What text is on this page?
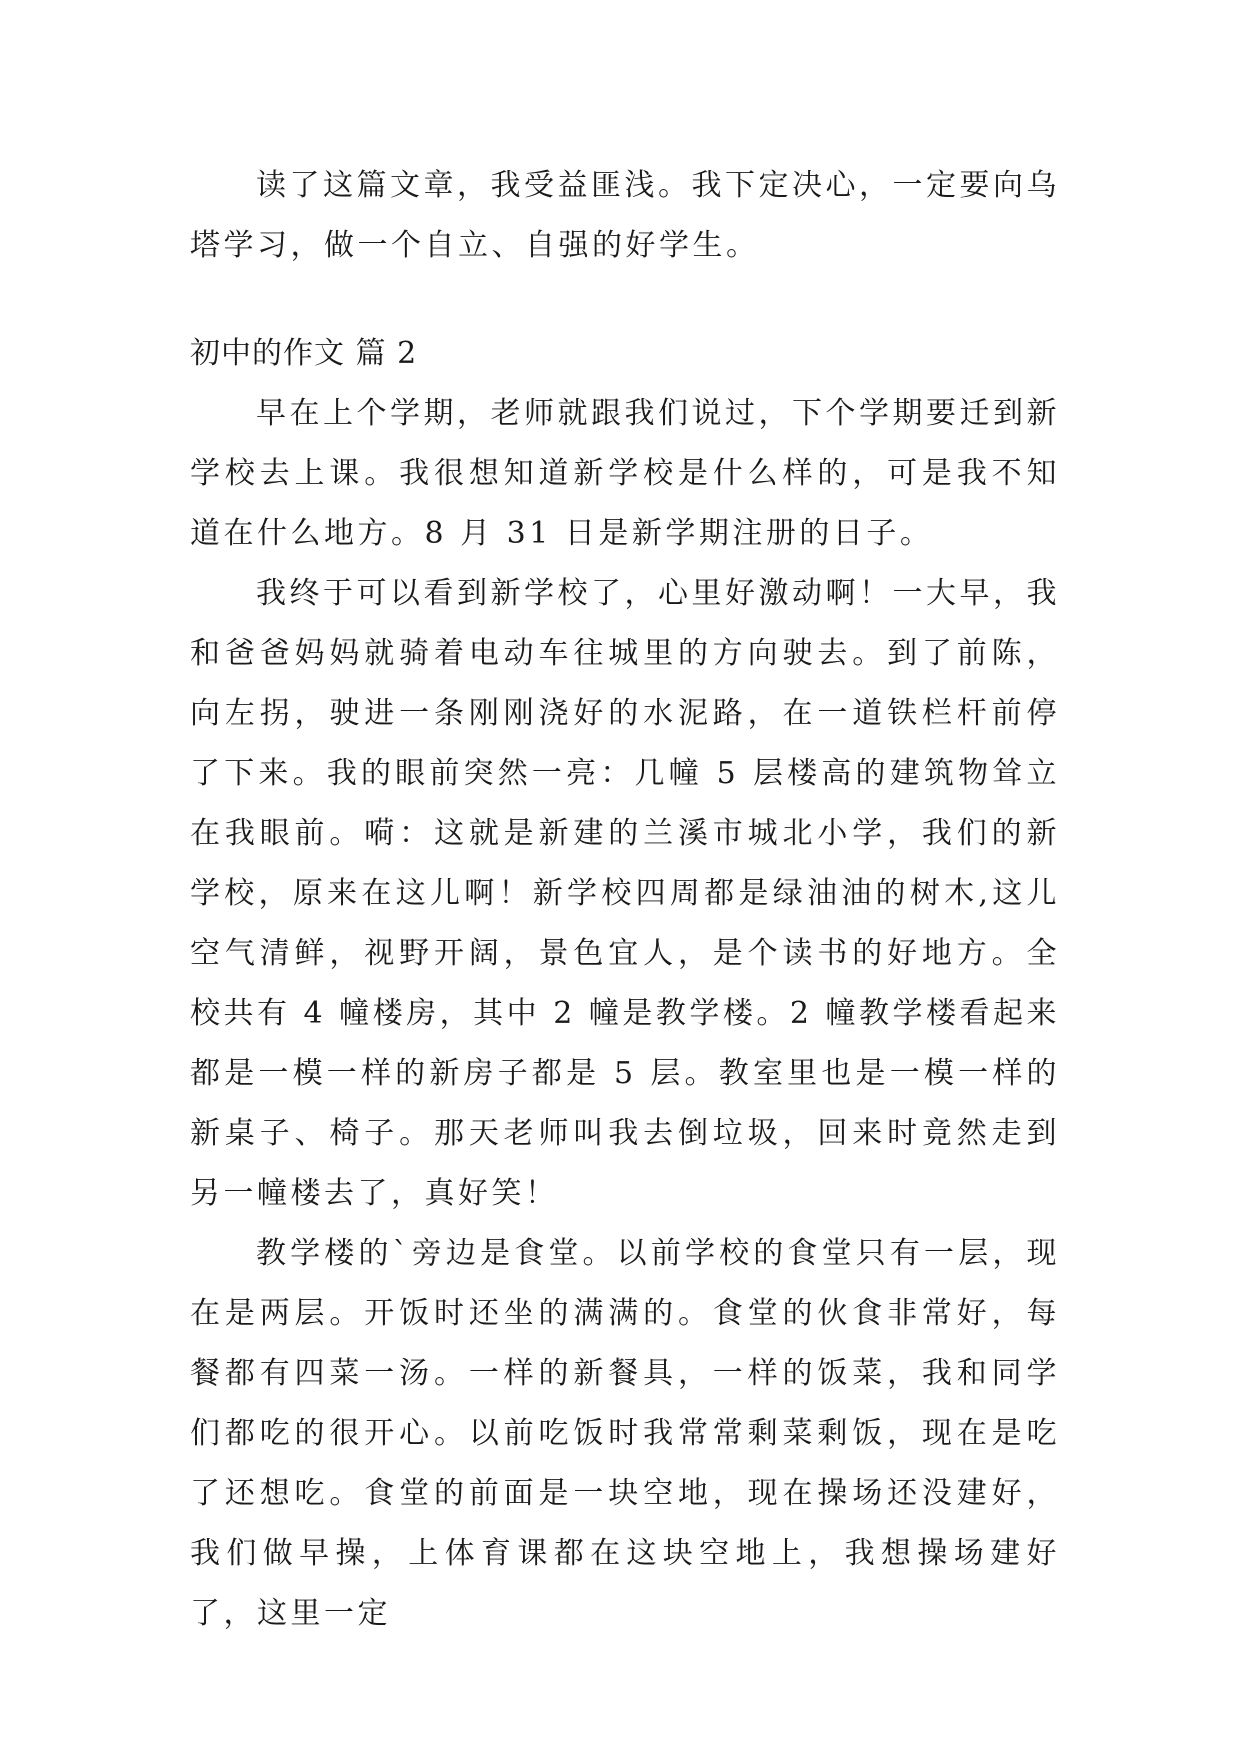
读了这篇文章，我受益匪浅。我下定决心，一定要向乌塔学习，做一个自立、自强的好学生。

初中的作文 篇 2

早在上个学期，老师就跟我们说过，下个学期要迁到新学校去上课。我很想知道新学校是什么样的，可是我不知道在什么地方。8 月 31 日是新学期注册的日子。

我终于可以看到新学校了，心里好激动啊！一大早，我和爸爸妈妈就骑着电动车往城里的方向驶去。到了前陈，向左拐，驶进一条刚刚浇好的水泥路，在一道铁栏杆前停了下来。我的眼前突然一亮：几幢 5 层楼高的建筑物耸立在我眼前。嗬：这就是新建的兰溪市城北小学，我们的新学校，原来在这儿啊！新学校四周都是绿油油的树木,这儿空气清鲜，视野开阔，景色宜人，是个读书的好地方。全校共有 4 幢楼房，其中 2 幢是教学楼。2 幢教学楼看起来都是一模一样的新房子都是 5 层。教室里也是一模一样的新桌子、椅子。那天老师叫我去倒垃圾，回来时竟然走到另一幢楼去了，真好笑！

教学楼的`旁边是食堂。以前学校的食堂只有一层，现在是两层。开饭时还坐的满满的。食堂的伙食非常好，每餐都有四菜一汤。一样的新餐具，一样的饭菜，我和同学们都吃的很开心。以前吃饭时我常常剩菜剩饭，现在是吃了还想吃。食堂的前面是一块空地，现在操场还没建好，我们做早操，上体育课都在这块空地上，我想操场建好了，这里一定
